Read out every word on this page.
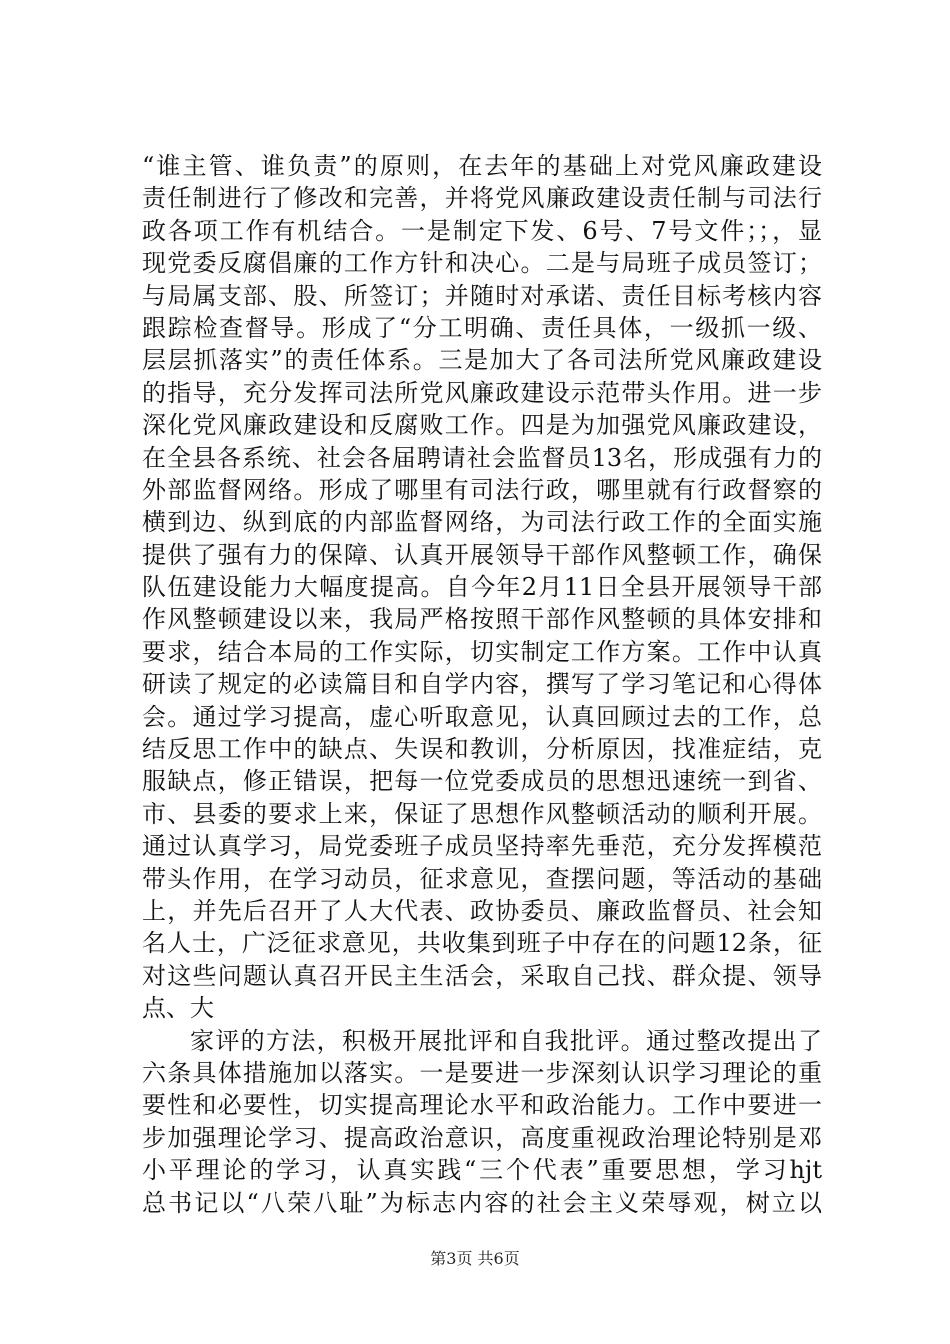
“谁主管、谁负责”的原则，在去年的基础上对党风廉政建设
责任制进行了修改和完善，并将党风廉政建设责任制与司法行
政各项工作有机结合。一是制定下发、6号、7号文件；；，显
现党委反腐倡廉的工作方针和决心。二是与局班子成员签订；
与局属支部、股、所签订；并随时对承诺、责任目标考核内容
跟踪检查督导。形成了“分工明确、责任具体，一级抓一级、
层层抓落实”的责任体系。三是加大了各司法所党风廉政建设
的指导，充分发挥司法所党风廉政建设示范带头作用。进一步
深化党风廉政建设和反腐败工作。四是为加强党风廉政建设，
在全县各系统、社会各届聘请社会监督员13名，形成强有力的
外部监督网络。形成了哪里有司法行政，哪里就有行政督察的
横到边、纵到底的内部监督网络，为司法行政工作的全面实施
提供了强有力的保障、认真开展领导干部作风整顿工作，确保
队伍建设能力大幅度提高。自今年2月11日全县开展领导干部
作风整顿建设以来，我局严格按照干部作风整顿的具体安排和
要求，结合本局的工作实际，切实制定工作方案。工作中认真
研读了规定的必读篇目和自学内容，撰写了学习笔记和心得体
会。通过学习提高，虚心听取意见，认真回顾过去的工作，总
结反思工作中的缺点、失误和教训，分析原因，找准症结，克
服缺点，修正错误，把每一位党委成员的思想迅速统一到省、
市、县委的要求上来，保证了思想作风整顿活动的顺利开展。
通过认真学习，局党委班子成员坚持率先垂范，充分发挥模范
带头作用，在学习动员，征求意见，查摆问题，等活动的基础
上，并先后召开了人大代表、政协委员、廉政监督员、社会知
名人士，广泛征求意见，共收集到班子中存在的问题12条，征
对这些问题认真召开民主生活会，采取自己找、群众提、领导
点、大
家评的方法，积极开展批评和自我批评。通过整改提出了
六条具体措施加以落实。一是要进一步深刻认识学习理论的重
要性和必要性，切实提高理论水平和政治能力。工作中要进一
步加强理论学习、提高政治意识，高度重视政治理论特别是邓
小平理论的学习，认真实践“三个代表”重要思想，学习hjt
总书记以“八荣八耻”为标志内容的社会主义荣辱观，树立以
第3页 共6页
